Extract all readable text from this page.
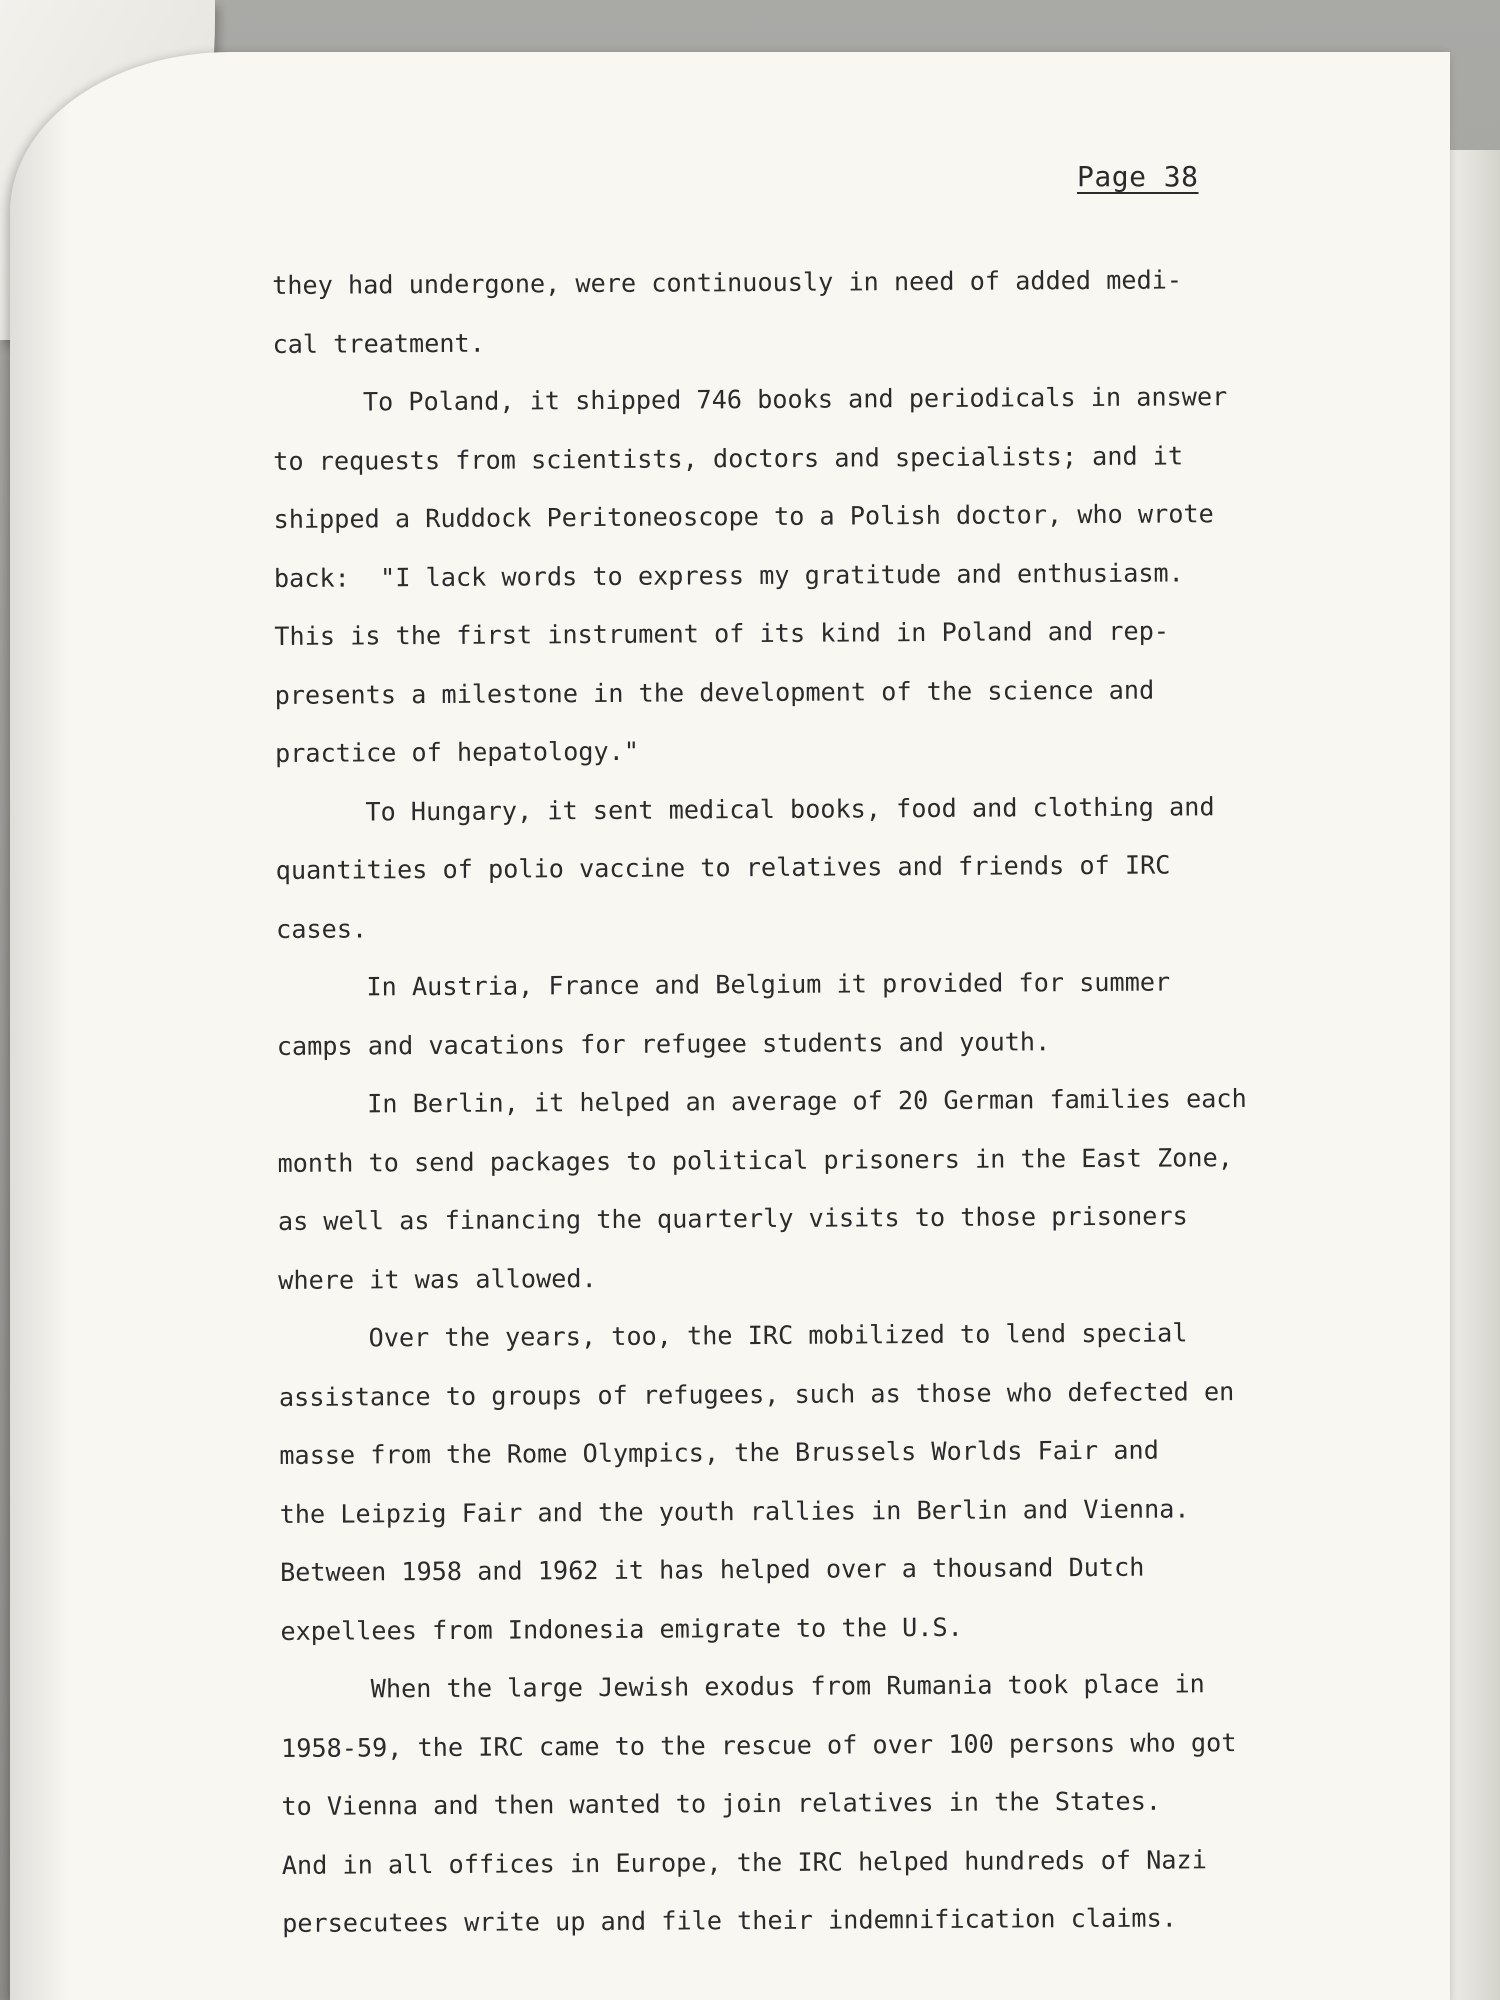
Page 38
they had undergone, were continuously in need of added medi-
cal treatment.
To Poland, it shipped 746 books and periodicals in answer
to requests from scientists, doctors and specialists; and it
shipped a Ruddock Peritoneoscope to a Polish doctor, who wrote
back:  "I lack words to express my gratitude and enthusiasm.
This is the first instrument of its kind in Poland and rep-
presents a milestone in the development of the science and
practice of hepatology."
To Hungary, it sent medical books, food and clothing and
quantities of polio vaccine to relatives and friends of IRC
cases.
In Austria, France and Belgium it provided for summer
camps and vacations for refugee students and youth.
In Berlin, it helped an average of 20 German families each
month to send packages to political prisoners in the East Zone,
as well as financing the quarterly visits to those prisoners
where it was allowed.
Over the years, too, the IRC mobilized to lend special
assistance to groups of refugees, such as those who defected en
masse from the Rome Olympics, the Brussels Worlds Fair and
the Leipzig Fair and the youth rallies in Berlin and Vienna.
Between 1958 and 1962 it has helped over a thousand Dutch
expellees from Indonesia emigrate to the U.S.
When the large Jewish exodus from Rumania took place in
1958-59, the IRC came to the rescue of over 100 persons who got
to Vienna and then wanted to join relatives in the States.
And in all offices in Europe, the IRC helped hundreds of Nazi
persecutees write up and file their indemnification claims.
